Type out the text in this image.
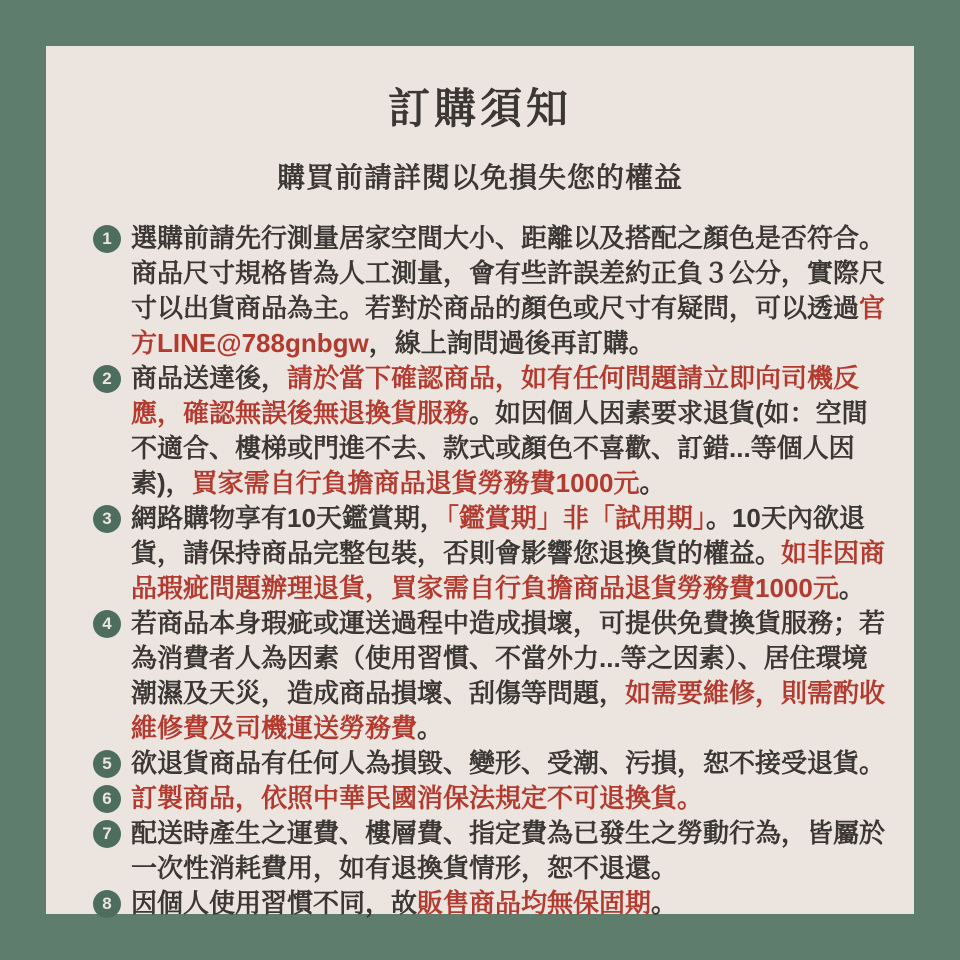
訂購須知
購買前請詳閱以免損失您的權益
1 選購前請先行測量居家空間大小、距離以及搭配之顏色是否符合。商品尺寸規格皆為人工測量，會有些許誤差約正負３公分，實際尺寸以出貨商品為主。若對於商品的顏色或尺寸有疑問，可以透過官方LINE@788gnbgw，線上詢問過後再訂購。

2 商品送達後，請於當下確認商品，如有任何問題請立即向司機反應，確認無誤後無退換貨服務。如因個人因素要求退貨(如：空間不適合、樓梯或門進不去、款式或顏色不喜歡、訂錯...等個人因素)，買家需自行負擔商品退貨勞務費1000元。

3 網路購物享有10天鑑賞期，「鑑賞期」非「試用期」。10天內欲退貨，請保持商品完整包裝，否則會影響您退換貨的權益。如非因商品瑕疵問題辦理退貨，買家需自行負擔商品退貨勞務費1000元。

4 若商品本身瑕疵或運送過程中造成損壞，可提供免費換貨服務；若為消費者人為因素（使用習慣、不當外力...等之因素）、居住環境潮濕及天災，造成商品損壞、刮傷等問題，如需要維修，則需酌收維修費及司機運送勞務費。

5 欲退貨商品有任何人為損毀、變形、受潮、污損，恕不接受退貨。

6 訂製商品，依照中華民國消保法規定不可退換貨。

7 配送時產生之運費、樓層費、指定費為已發生之勞動行為，皆屬於一次性消耗費用，如有退換貨情形，恕不退還。

8 因個人使用習慣不同，故販售商品均無保固期。
